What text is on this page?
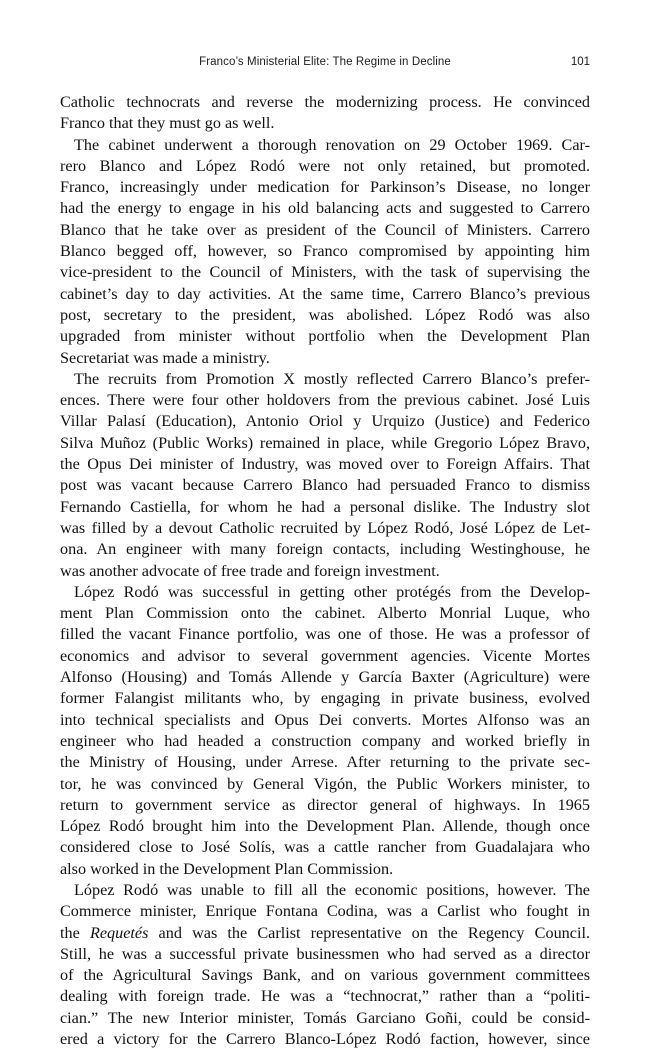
Franco’s Ministerial Elite: The Regime in Decline	101
Catholic technocrats and reverse the modernizing process. He convinced
Franco that they must go as well.
The cabinet underwent a thorough renovation on 29 October 1969. Car-
rero Blanco and López Rodó were not only retained, but promoted.
Franco, increasingly under medication for Parkinson’s Disease, no longer
had the energy to engage in his old balancing acts and suggested to Carrero
Blanco that he take over as president of the Council of Ministers. Carrero
Blanco begged off, however, so Franco compromised by appointing him
vice-president to the Council of Ministers, with the task of supervising the
cabinet’s day to day activities. At the same time, Carrero Blanco’s previous
post, secretary to the president, was abolished. López Rodó was also
upgraded from minister without portfolio when the Development Plan
Secretariat was made a ministry.
The recruits from Promotion X mostly reflected Carrero Blanco’s prefer-
ences. There were four other holdovers from the previous cabinet. José Luis
Villar Palasí (Education), Antonio Oriol y Urquizo (Justice) and Federico
Silva Muñoz (Public Works) remained in place, while Gregorio López Bravo,
the Opus Dei minister of Industry, was moved over to Foreign Affairs. That
post was vacant because Carrero Blanco had persuaded Franco to dismiss
Fernando Castiella, for whom he had a personal dislike. The Industry slot
was filled by a devout Catholic recruited by López Rodó, José López de Let-
ona. An engineer with many foreign contacts, including Westinghouse, he
was another advocate of free trade and foreign investment.
López Rodó was successful in getting other protégés from the Develop-
ment Plan Commission onto the cabinet. Alberto Monrial Luque, who
filled the vacant Finance portfolio, was one of those. He was a professor of
economics and advisor to several government agencies. Vicente Mortes
Alfonso (Housing) and Tomás Allende y García Baxter (Agriculture) were
former Falangist militants who, by engaging in private business, evolved
into technical specialists and Opus Dei converts. Mortes Alfonso was an
engineer who had headed a construction company and worked briefly in
the Ministry of Housing, under Arrese. After returning to the private sec-
tor, he was convinced by General Vigón, the Public Workers minister, to
return to government service as director general of highways. In 1965
López Rodó brought him into the Development Plan. Allende, though once
considered close to José Solís, was a cattle rancher from Guadalajara who
also worked in the Development Plan Commission.
López Rodó was unable to fill all the economic positions, however. The
Commerce minister, Enrique Fontana Codina, was a Carlist who fought in
the Requetés and was the Carlist representative on the Regency Council.
Still, he was a successful private businessmen who had served as a director
of the Agricultural Savings Bank, and on various government committees
dealing with foreign trade. He was a “technocrat,” rather than a “politi-
cian.” The new Interior minister, Tomás Garciano Goñi, could be consid-
ered a victory for the Carrero Blanco-López Rodó faction, however, since
